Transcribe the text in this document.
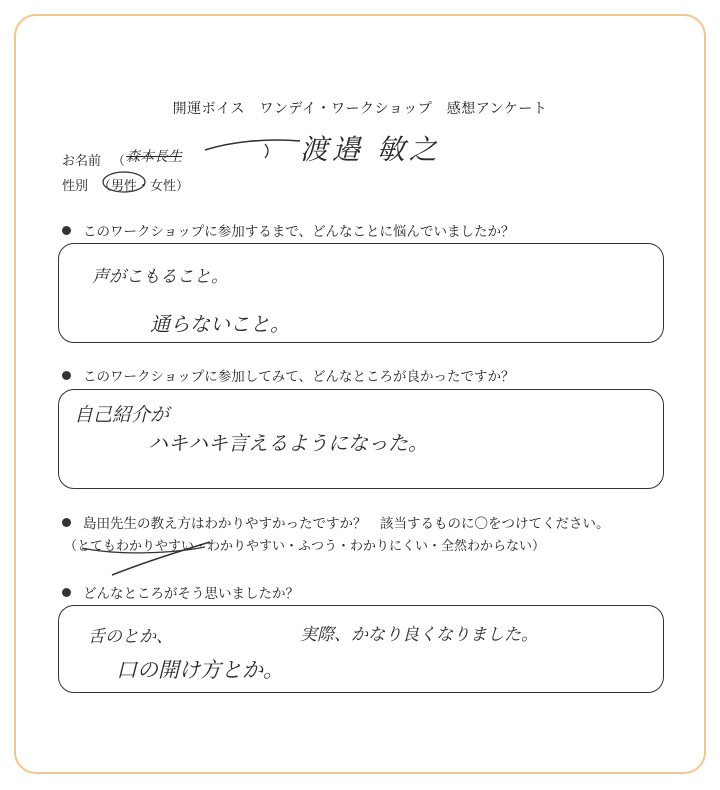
開運ボイス　ワンデイ・ワークショップ　感想アンケート
お名前 （ 森本長生	渡邉 敏之
性別 （男性・女性）
このワークショップに参加するまで、どんなことに悩んでいましたか？
声がこもること。
通らないこと。
このワークショップに参加してみて、どんなところが良かったですか？
自己紹介が
ハキハキ言えるようになった。
島田先生の教え方はわかりやすかったですか？　該当するものに〇をつけてください。
（とてもわかりやすい・わかりやすい・ふつう・わかりにくい・全然わからない）
どんなところがそう思いましたか？
舌のとか、
口の開け方とか。
実際、かなり良くなりました。
